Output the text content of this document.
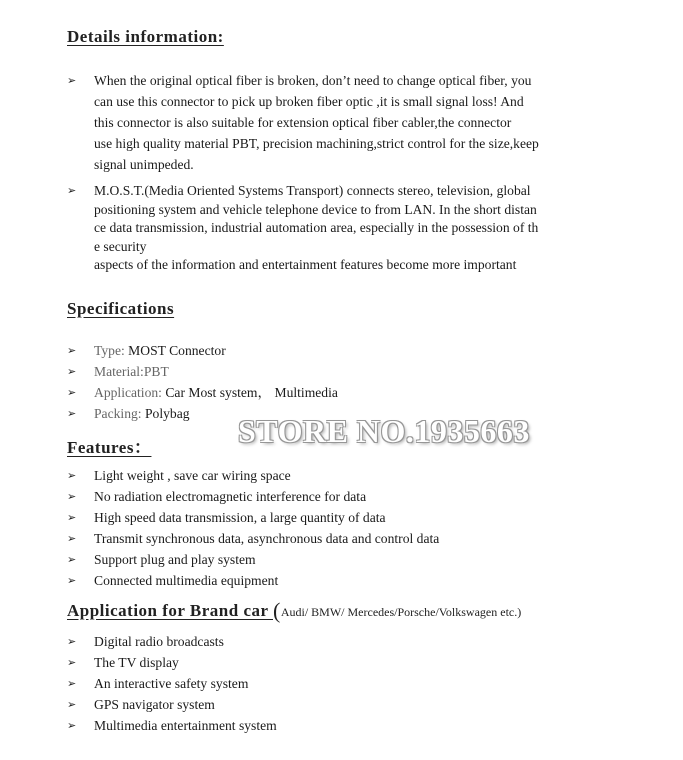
Details information:
➢ When the original optical fiber is broken, don’t need to change optical fiber, you
can use this connector to pick up broken fiber optic ,it is small signal loss! And
this connector is also suitable for extension optical fiber cabler,the connector
use high quality material PBT, precision machining,strict control for the size,keep
signal unimpeded.
➢ M.O.S.T.(Media Oriented Systems Transport) connects stereo, television, global
positioning system and vehicle telephone device to from LAN. In the short distan
ce data transmission, industrial automation area, especially in the possession of th
e security
aspects of the information and entertainment features become more important
Specifications
➢ Type: MOST Connector
➢ Material:PBT
➢ Application: Car Most system， Multimedia
➢ Packing: Polybag	STORE NO.1935663
Features：
➢ Light weight , save car wiring space
➢ No radiation electromagnetic interference for data
➢ High speed data transmission, a large quantity of data
➢ Transmit synchronous data, asynchronous data and control data
➢ Support plug and play system
➢ Connected multimedia equipment
Application for Brand car (Audi/ BMW/ Mercedes/Porsche/Volkswagen etc.)
➢ Digital radio broadcasts
➢ The TV display
➢ An interactive safety system
➢ GPS navigator system
➢ Multimedia entertainment system
